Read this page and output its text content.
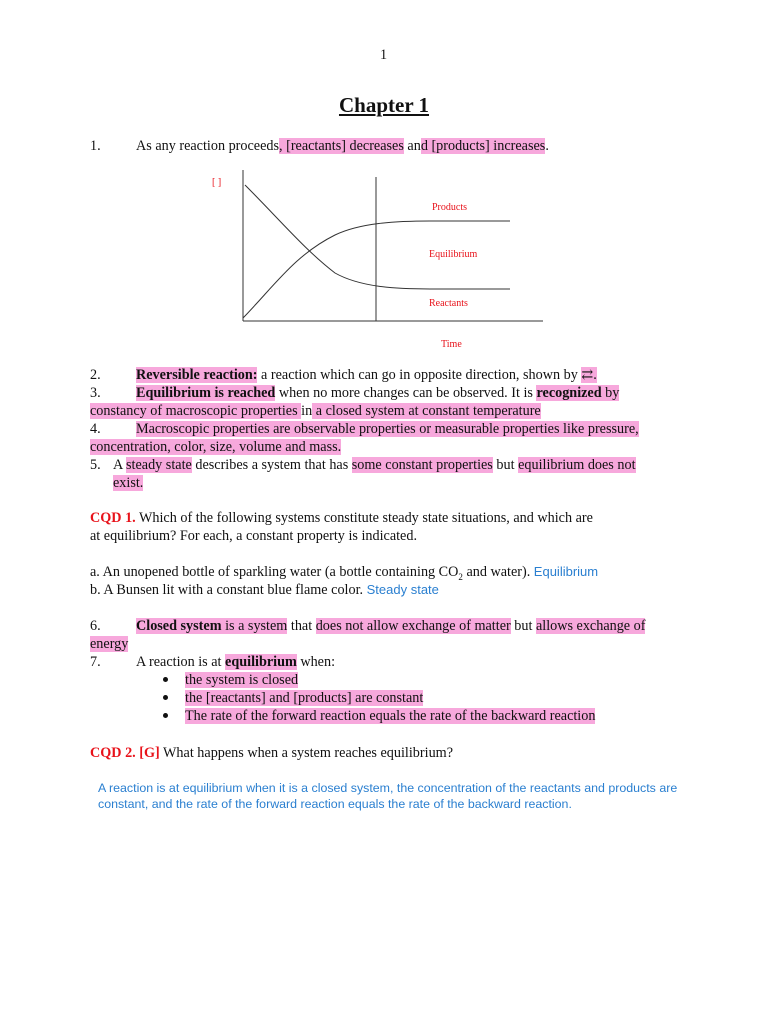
1
Chapter 1
1. As any reaction proceeds, [reactants] decreases and [products] increases.
[ ]
Products
Equilibrium
Reactants
Time
2. Reversible reaction: a reaction which can go in opposite direction, shown by ⇄.
3. Equilibrium is reached when no more changes can be observed. It is recognized by
constancy of macroscopic properties in a closed system at constant temperature
4. Macroscopic properties are observable properties or measurable properties like pressure,
concentration, color, size, volume and mass.
5. A steady state describes a system that has some constant properties but equilibrium does not
exist.
CQD 1. Which of the following systems constitute steady state situations, and which are
at equilibrium? For each, a constant property is indicated.
a. An unopened bottle of sparkling water (a bottle containing $CO_2$ and water). Equilibrium
b. A Bunsen lit with a constant blue flame color. Steady state
6. Closed system is a system that does not allow exchange of matter but allows exchange of
energy
7. A reaction is at equilibrium when:
the system is closed
the [reactants] and [products] are constant
The rate of the forward reaction equals the rate of the backward reaction
CQD 2. [G] What happens when a system reaches equilibrium?
A reaction is at equilibrium when it is a closed system, the concentration of the reactants and products are
constant, and the rate of the forward reaction equals the rate of the backward reaction.
